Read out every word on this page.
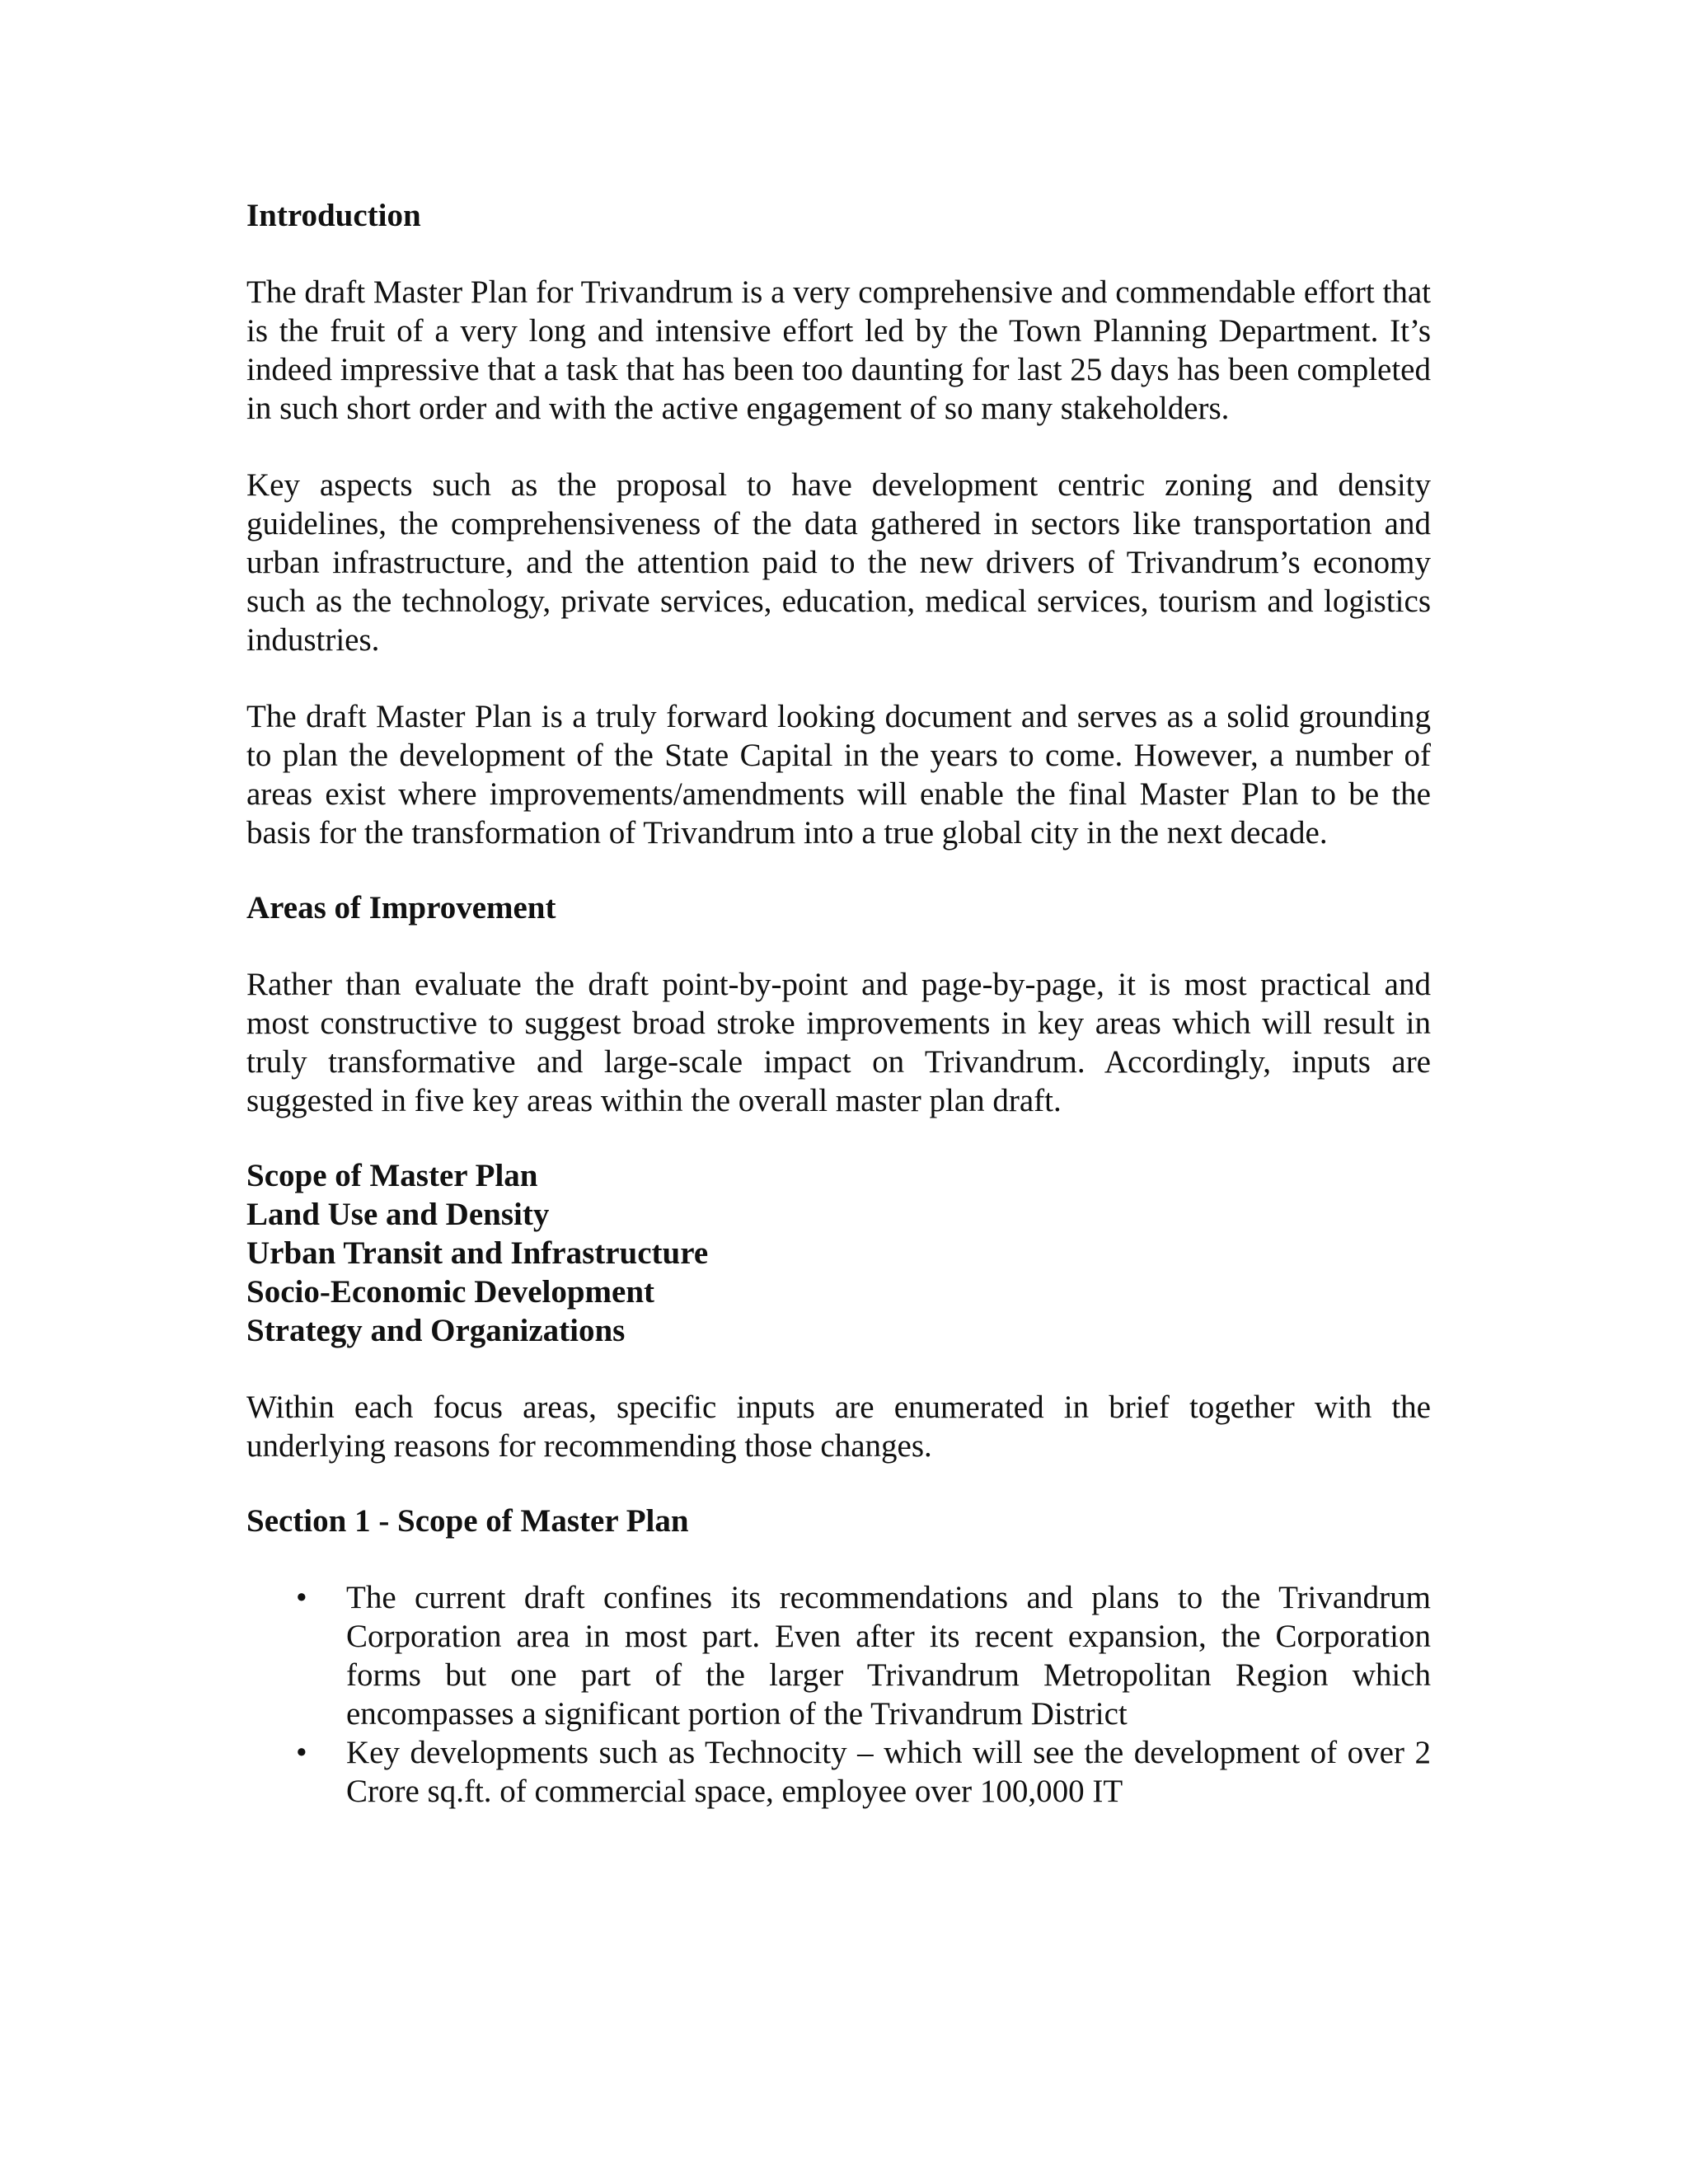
Introduction

The draft Master Plan for Trivandrum is a very comprehensive and commendable effort that is the fruit of a very long and intensive effort led by the Town Planning Department. It’s indeed impressive that a task that has been too daunting for last 25 days has been completed in such short order and with the active engagement of so many stakeholders.

Key aspects such as the proposal to have development centric zoning and density guidelines, the comprehensiveness of the data gathered in sectors like transportation and urban infrastructure, and the attention paid to the new drivers of Trivandrum’s economy such as the technology, private services, education, medical services, tourism and logistics industries.

The draft Master Plan is a truly forward looking document and serves as a solid grounding to plan the development of the State Capital in the years to come. However, a number of areas exist where improvements/amendments will enable the final Master Plan to be the basis for the transformation of Trivandrum into a true global city in the next decade.

Areas of Improvement

Rather than evaluate the draft point-by-point and page-by-page, it is most practical and most constructive to suggest broad stroke improvements in key areas which will result in truly transformative and large-scale impact on Trivandrum. Accordingly, inputs are suggested in five key areas within the overall master plan draft.

Scope of Master Plan
Land Use and Density
Urban Transit and Infrastructure
Socio-Economic Development
Strategy and Organizations

Within each focus areas, specific inputs are enumerated in brief together with the underlying reasons for recommending those changes.

Section 1 - Scope of Master Plan
• The current draft confines its recommendations and plans to the Trivandrum Corporation area in most part. Even after its recent expansion, the Corporation forms but one part of the larger Trivandrum Metropolitan Region which encompasses a significant portion of the Trivandrum District
• Key developments such as Technocity – which will see the development of over 2 Crore sq.ft. of commercial space, employee over 100,000 IT
